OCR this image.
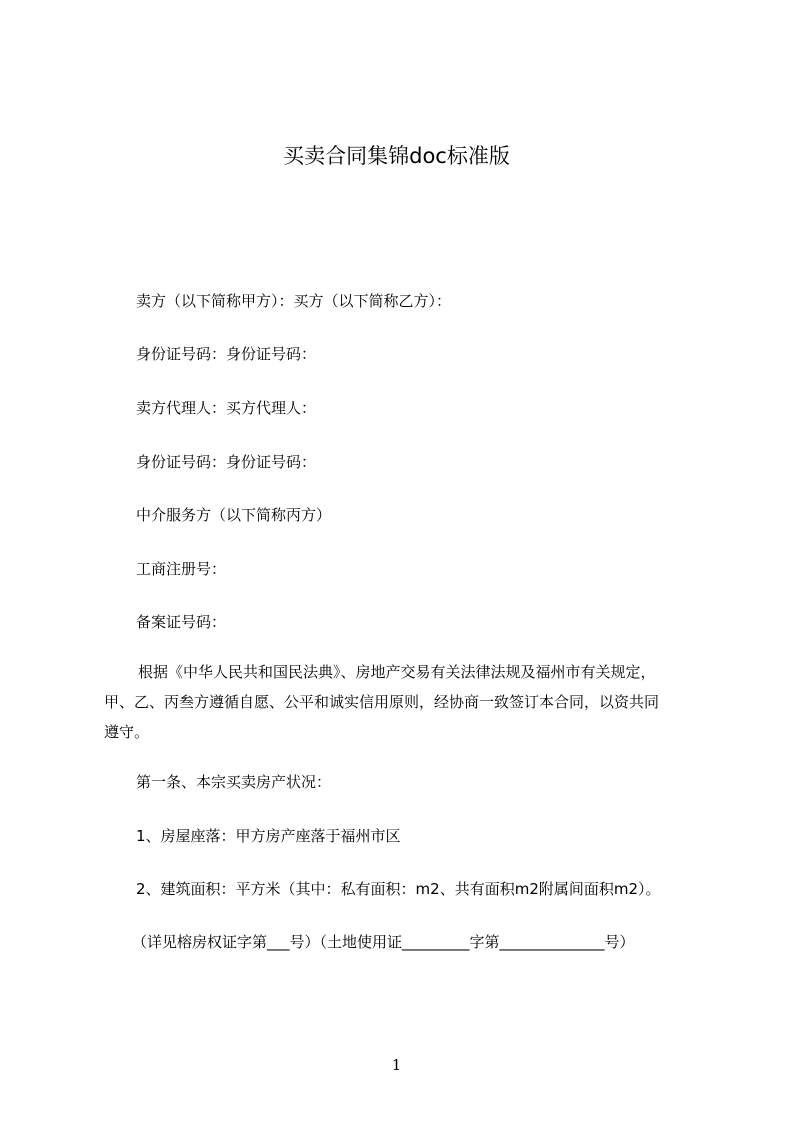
买卖合同集锦doc标准版
卖方（以下简称甲方）：买方（以下简称乙方）：
身份证号码：身份证号码：
卖方代理人：买方代理人：
身份证号码：身份证号码：
中介服务方（以下简称丙方）
工商注册号：
备案证号码：
根据《中华人民共和国民法典》、房地产交易有关法律法规及福州市有关规定，
甲、乙、丙叁方遵循自愿、公平和诚实信用原则，经协商一致签订本合同，以资共同
遵守。
第一条、本宗买卖房产状况：
1、房屋座落：甲方房产座落于福州市区
2、建筑面积：平方米（其中：私有面积：m2、共有面积m2附属间面积m2）。
（详见榕房权证字第___号）（土地使用证_________字第______________号）
1
